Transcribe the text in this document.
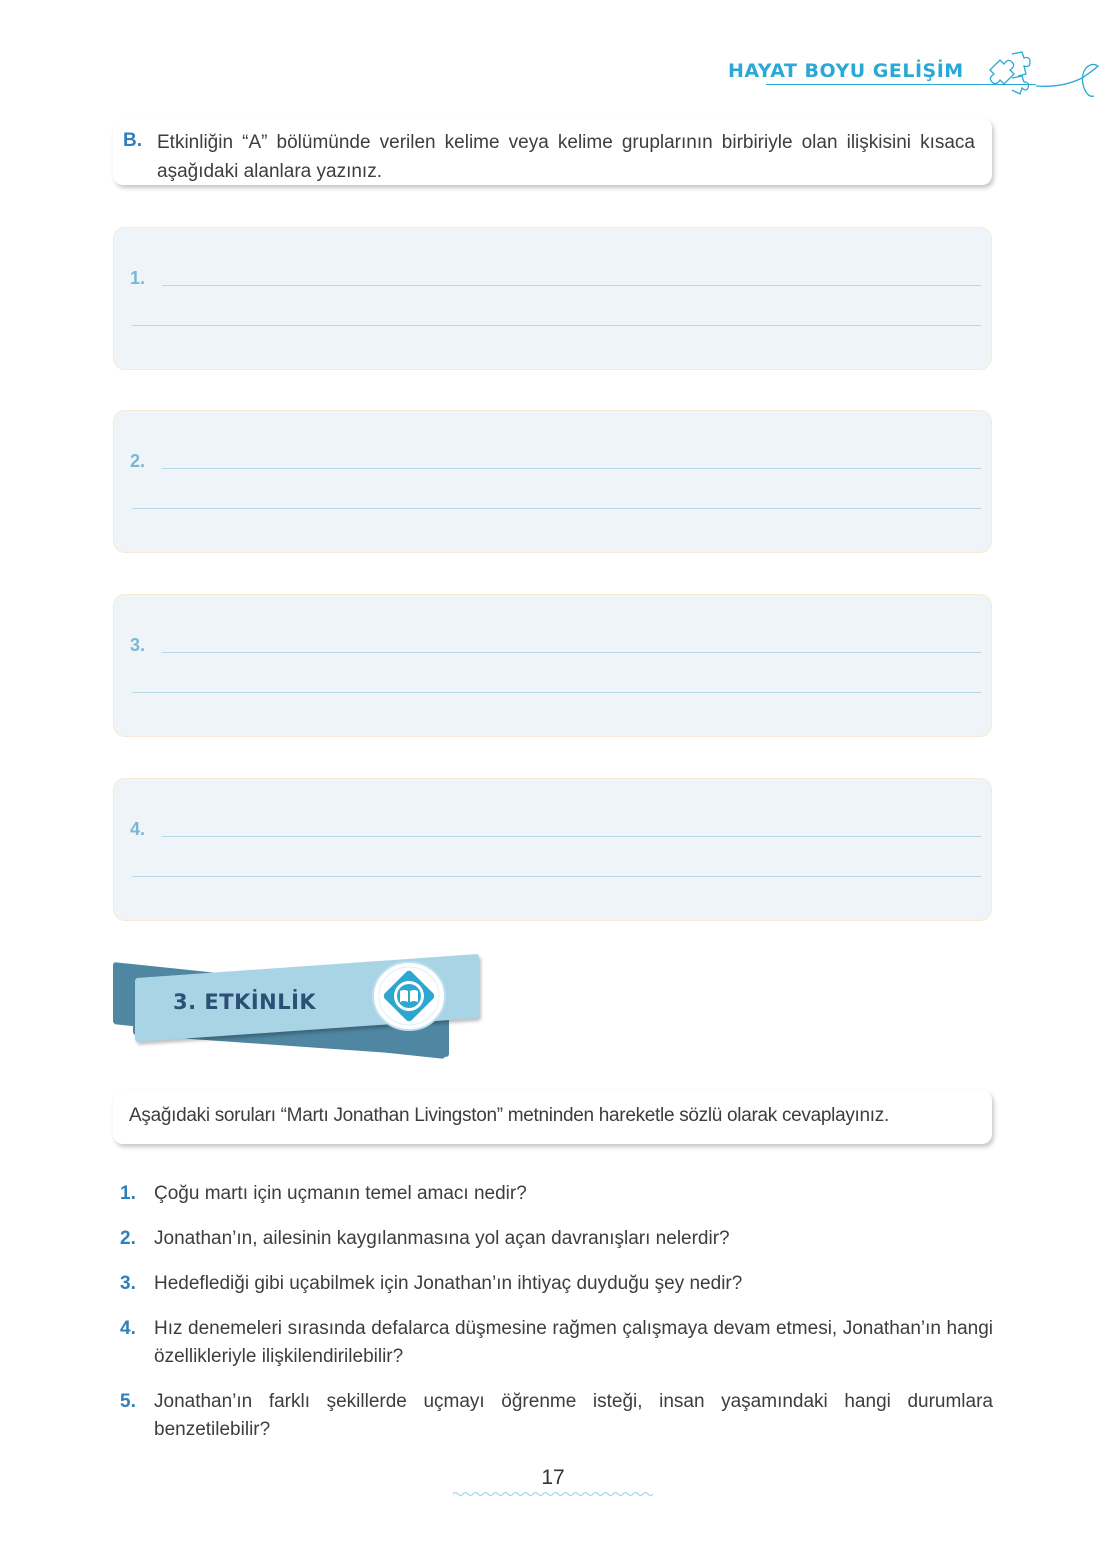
HAYAT BOYU GELİŞİM
B. Etkinliğin “A” bölümünde verilen kelime veya kelime gruplarının birbiriyle olan ilişkisini kısaca aşağıdaki alanlara yazınız.

1.
2.
3.
4.
3. ETKİNLİK
Aşağıdaki soruları “Martı Jonathan Livingston” metninden hareketle sözlü olarak cevaplayınız.
1. Çoğu martı için uçmanın temel amacı nedir?
2. Jonathan’ın, ailesinin kaygılanmasına yol açan davranışları nelerdir?
3. Hedeflediği gibi uçabilmek için Jonathan’ın ihtiyaç duyduğu şey nedir?
4. Hız denemeleri sırasında defalarca düşmesine rağmen çalışmaya devam etmesi, Jonathan’ın hangi özellikleriyle ilişkilendirilebilir?
5. Jonathan’ın farklı şekillerde uçmayı öğrenme isteği, insan yaşamındaki hangi durumlara benzetilebilir?
17
